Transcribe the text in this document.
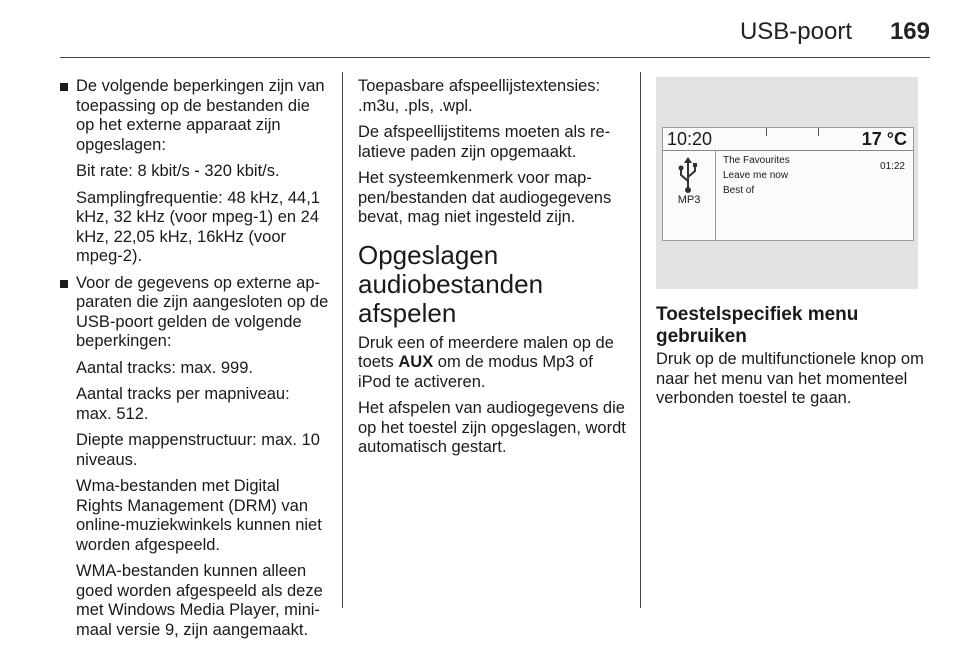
USB-poort 169
De volgende beperkingen zijn van toepassing op de bestanden die op het externe apparaat zijn opgeslagen:
Bit rate: 8 kbit/s - 320 kbit/s.
Samplingfrequentie: 48 kHz, 44,1 kHz, 32 kHz (voor mpeg-1) en 24 kHz, 22,05 kHz, 16kHz (voor mpeg-2).
Voor de gegevens op externe apparaten die zijn aangesloten op de USB-poort gelden de volgende beperkingen:
Aantal tracks: max. 999.
Aantal tracks per mapniveau: max. 512.
Diepte mappenstructuur: max. 10 niveaus.
Wma-bestanden met Digital Rights Management (DRM) van online-muziekwinkels kunnen niet worden afgespeeld.
WMA-bestanden kunnen alleen goed worden afgespeeld als deze met Windows Media Player, minimaal versie 9, zijn aangemaakt.

Toepasbare afspeellijstextensies: .m3u, .pls, .wpl.

De afspeellijstitems moeten als relatieve paden zijn opgemaakt.

Het systeemkenmerk voor mappen/bestanden dat audiogegevens bevat, mag niet ingesteld zijn.

Opgeslagen audiobestanden afspelen

Druk een of meerdere malen op de toets AUX om de modus Mp3 of iPod te activeren.

Het afspelen van audiogegevens die op het toestel zijn opgeslagen, wordt automatisch gestart.

10:20	17 °C
MP3
The Favourites
Leave me now
Best of
01:22
Toestelspecifiek menu gebruiken

Druk op de multifunctionele knop om naar het menu van het momenteel verbonden toestel te gaan.
